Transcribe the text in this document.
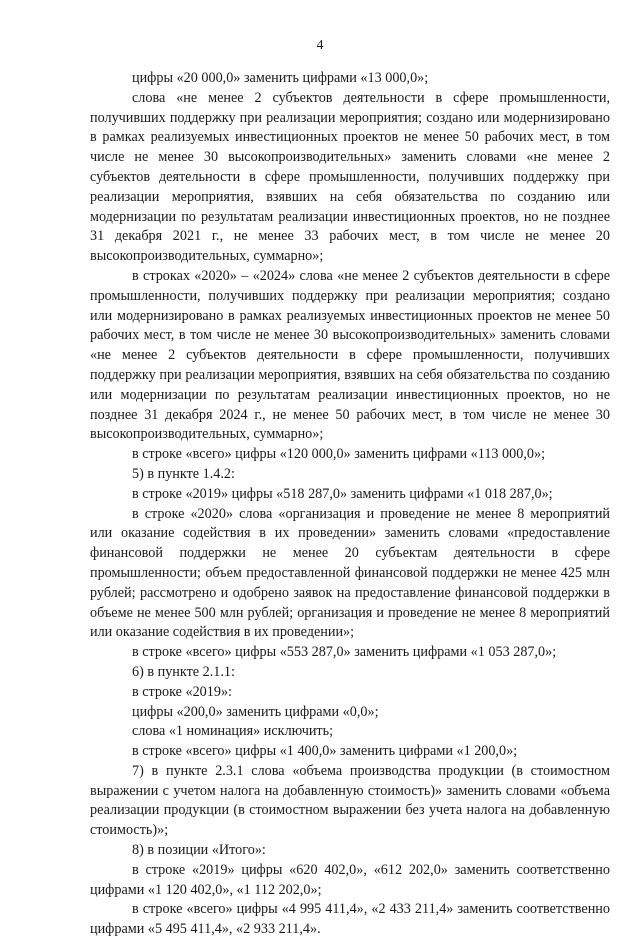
4

цифры «20 000,0» заменить цифрами «13 000,0»;

слова «не менее 2 субъектов деятельности в сфере промышленности, получивших поддержку при реализации мероприятия; создано или модернизировано в рамках реализуемых инвестиционных проектов не менее 50 рабочих мест, в том числе не менее 30 высокопроизводительных» заменить словами «не менее 2 субъектов деятельности в сфере промышленности, получивших поддержку при реализации мероприятия, взявших на себя обязательства по созданию или модернизации по результатам реализации инвестиционных проектов, но не позднее 31 декабря 2021 г., не менее 33 рабочих мест, в том числе не менее 20 высокопроизводительных, суммарно»;

в строках «2020» – «2024» слова «не менее 2 субъектов деятельности в сфере промышленности, получивших поддержку при реализации мероприятия; создано или модернизировано в рамках реализуемых инвестиционных проектов не менее 50 рабочих мест, в том числе не менее 30 высокопроизводительных» заменить словами «не менее 2 субъектов деятельности в сфере промышленности, получивших поддержку при реализации мероприятия, взявших на себя обязательства по созданию или модернизации по результатам реализации инвестиционных проектов, но не позднее 31 декабря 2024 г., не менее 50 рабочих мест, в том числе не менее 30 высокопроизводительных, суммарно»;

в строке «всего» цифры «120 000,0» заменить цифрами «113 000,0»;

5) в пункте 1.4.2:

в строке «2019» цифры «518 287,0» заменить цифрами «1 018 287,0»;

в строке «2020» слова «организация и проведение не менее 8 мероприятий или оказание содействия в их проведении» заменить словами «предоставление финансовой поддержки не менее 20 субъектам деятельности в сфере промышленности; объем предоставленной финансовой поддержки не менее 425 млн рублей; рассмотрено и одобрено заявок на предоставление финансовой поддержки в объеме не менее 500 млн рублей; организация и проведение не менее 8 мероприятий или оказание содействия в их проведении»;

в строке «всего» цифры «553 287,0» заменить цифрами «1 053 287,0»;

6) в пункте 2.1.1:

в строке «2019»:

цифры «200,0» заменить цифрами «0,0»;

слова «1 номинация» исключить;

в строке «всего» цифры «1 400,0» заменить цифрами «1 200,0»;

7) в пункте 2.3.1 слова «объема производства продукции (в стоимостном выражении с учетом налога на добавленную стоимость)» заменить словами «объема реализации продукции (в стоимостном выражении без учета налога на добавленную стоимость)»;

8) в позиции «Итого»:

в строке «2019» цифры «620 402,0», «612 202,0» заменить соответственно цифрами «1 120 402,0», «1 112 202,0»;

в строке «всего» цифры «4 995 411,4», «2 433 211,4» заменить соответственно цифрами «5 495 411,4», «2 933 211,4».
